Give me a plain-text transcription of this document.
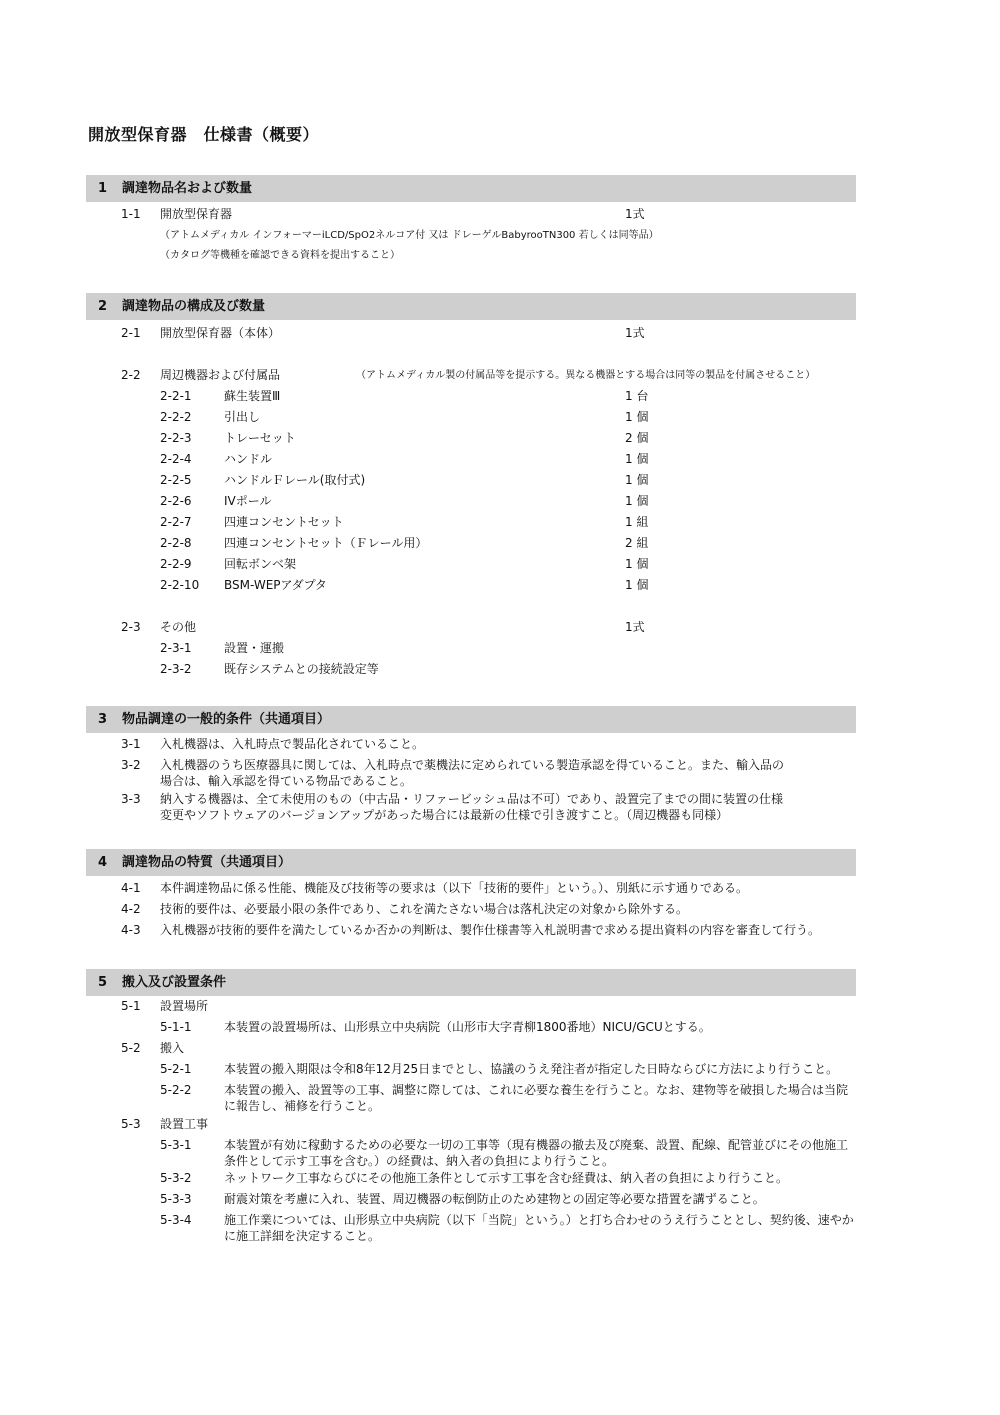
開放型保育器　仕様書（概要）
1 調達物品名および数量
1-1 開放型保育器	1式
（アトムメディカル インフォーマーiLCD/SpO2ネルコア付 又は ドレーゲルBabyrooTN300 若しくは同等品）
（カタログ等機種を確認できる資料を提出すること）
2 調達物品の構成及び数量
2-1 開放型保育器（本体）	1式
2-2 周辺機器および付属品	（アトムメディカル製の付属品等を提示する。異なる機器とする場合は同等の製品を付属させること）
2-2-1	蘇生装置Ⅲ	1 台
2-2-2	引出し	1 個
2-2-3	トレーセット	2 個
2-2-4	ハンドル	1 個
2-2-5	ハンドルＦレール(取付式)	1 個
2-2-6	IVポール	1 個
2-2-7	四連コンセントセット	1 組
2-2-8	四連コンセントセット（Ｆレール用）	2 組
2-2-9	回転ボンベ架	1 個
2-2-10 BSM-WEPアダプタ	1 個
2-3 その他	1式
2-3-1	設置・運搬
2-3-2	既存システムとの接続設定等
3 物品調達の一般的条件（共通項目）
3-1 入札機器は、入札時点で製品化されていること。
3-2 入札機器のうち医療器具に関しては、入札時点で薬機法に定められている製造承認を得ていること。また、輸入品の場合は、輸入承認を得ている物品であること。
3-3 納入する機器は、全て未使用のもの（中古品・リファービッシュ品は不可）であり、設置完了までの間に装置の仕様変更やソフトウェアのバージョンアップがあった場合には最新の仕様で引き渡すこと。（周辺機器も同様）
4 調達物品の特質（共通項目）
4-1 本件調達物品に係る性能、機能及び技術等の要求は（以下「技術的要件」という。）、別紙に示す通りである。
4-2 技術的要件は、必要最小限の条件であり、これを満たさない場合は落札決定の対象から除外する。
4-3 入札機器が技術的要件を満たしているか否かの判断は、製作仕様書等入札説明書で求める提出資料の内容を審査して行う。
5 搬入及び設置条件
5-1 設置場所
5-1-1	本装置の設置場所は、山形県立中央病院（山形市大字青柳1800番地）NICU/GCUとする。
5-2 搬入
5-2-1	本装置の搬入期限は令和8年12月25日までとし、協議のうえ発注者が指定した日時ならびに方法により行うこと。
5-2-2	本装置の搬入、設置等の工事、調整に際しては、これに必要な養生を行うこと。なお、建物等を破損した場合は当院に報告し、補修を行うこと。
5-3 設置工事
5-3-1	本装置が有効に稼動するための必要な一切の工事等（現有機器の撤去及び廃棄、設置、配線、配管並びにその他施工条件として示す工事を含む。）の経費は、納入者の負担により行うこと。
5-3-2	ネットワーク工事ならびにその他施工条件として示す工事を含む経費は、納入者の負担により行うこと。
5-3-3	耐震対策を考慮に入れ、装置、周辺機器の転倒防止のため建物との固定等必要な措置を講ずること。
5-3-4	施工作業については、山形県立中央病院（以下「当院」という。）と打ち合わせのうえ行うこととし、契約後、速やかに施工詳細を決定すること。
